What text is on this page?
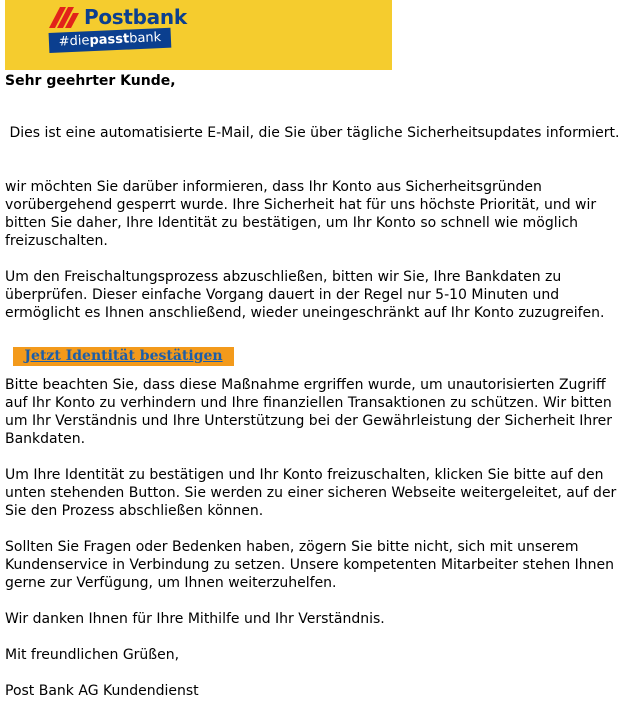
Postbank
#diepasstbank

Sehr geehrter Kunde,

Dies ist eine automatisierte E-Mail, die Sie über tägliche Sicherheitsupdates informiert.

wir möchten Sie darüber informieren, dass Ihr Konto aus Sicherheitsgründen vorübergehend gesperrt wurde. Ihre Sicherheit hat für uns höchste Priorität, und wir bitten Sie daher, Ihre Identität zu bestätigen, um Ihr Konto so schnell wie möglich freizuschalten.

Um den Freischaltungsprozess abzuschließen, bitten wir Sie, Ihre Bankdaten zu überprüfen. Dieser einfache Vorgang dauert in der Regel nur 5-10 Minuten und ermöglicht es Ihnen anschließend, wieder uneingeschränkt auf Ihr Konto zuzugreifen.

Jetzt Identität bestätigen

Bitte beachten Sie, dass diese Maßnahme ergriffen wurde, um unautorisierten Zugriff auf Ihr Konto zu verhindern und Ihre finanziellen Transaktionen zu schützen. Wir bitten um Ihr Verständnis und Ihre Unterstützung bei der Gewährleistung der Sicherheit Ihrer Bankdaten.

Um Ihre Identität zu bestätigen und Ihr Konto freizuschalten, klicken Sie bitte auf den unten stehenden Button. Sie werden zu einer sicheren Webseite weitergeleitet, auf der Sie den Prozess abschließen können.

Sollten Sie Fragen oder Bedenken haben, zögern Sie bitte nicht, sich mit unserem Kundenservice in Verbindung zu setzen. Unsere kompetenten Mitarbeiter stehen Ihnen gerne zur Verfügung, um Ihnen weiterzuhelfen.

Wir danken Ihnen für Ihre Mithilfe und Ihr Verständnis.

Mit freundlichen Grüßen,

Post Bank AG Kundendienst
